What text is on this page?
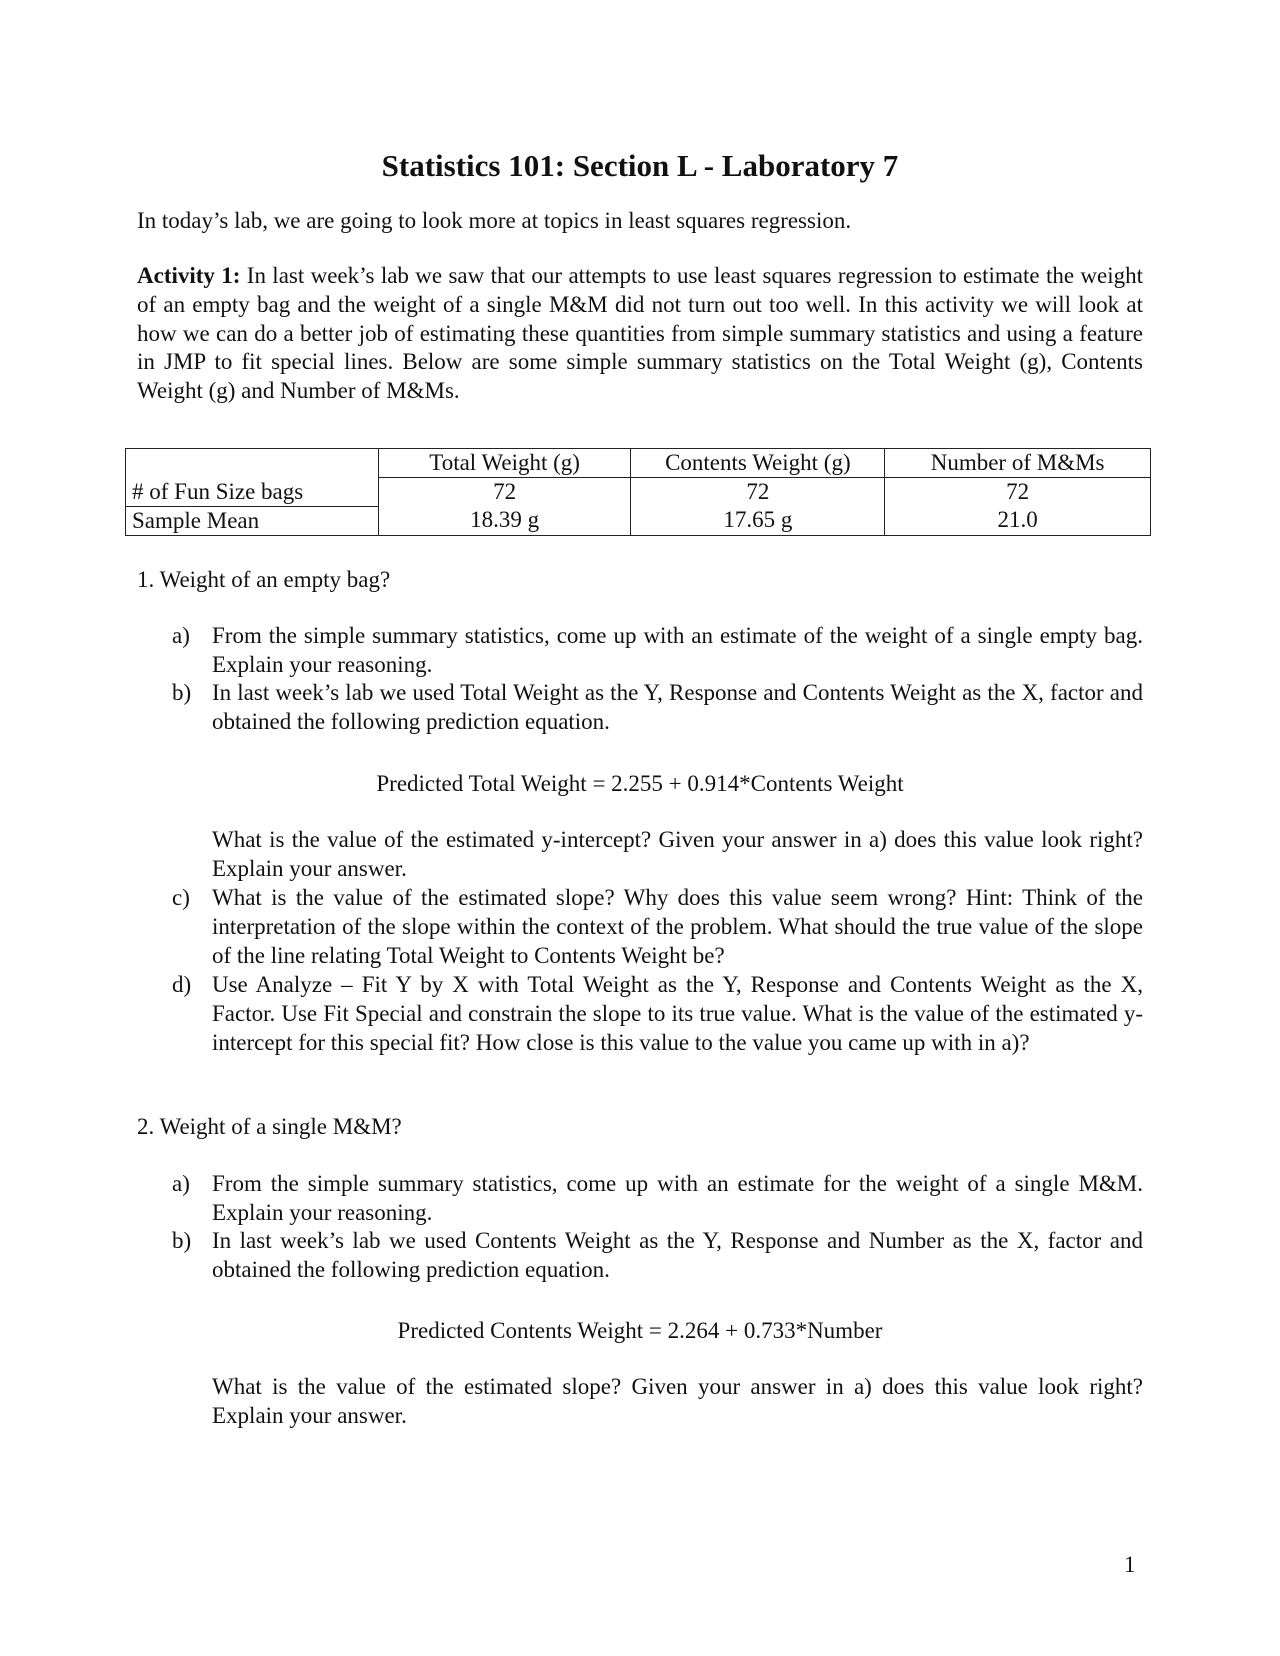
Statistics 101: Section L - Laboratory 7

In today’s lab, we are going to look more at topics in least squares regression.

Activity 1: In last week’s lab we saw that our attempts to use least squares regression to estimate the weight of an empty bag and the weight of a single M&M did not turn out too well. In this activity we will look at how we can do a better job of estimating these quantities from simple summary statistics and using a feature in JMP to fit special lines. Below are some simple summary statistics on the Total Weight (g), Contents Weight (g) and Number of M&Ms.

	Total Weight (g)	Contents Weight (g)	Number of M&Ms
# of Fun Size bags	72	72	72
Sample Mean	18.39 g	17.65 g	21.0

1. Weight of an empty bag?

a) From the simple summary statistics, come up with an estimate of the weight of a single empty bag. Explain your reasoning.
b) In last week’s lab we used Total Weight as the Y, Response and Contents Weight as the X, factor and obtained the following prediction equation.

Predicted Total Weight = 2.255 + 0.914*Contents Weight

What is the value of the estimated y-intercept? Given your answer in a) does this value look right? Explain your answer.

c) What is the value of the estimated slope? Why does this value seem wrong? Hint: Think of the interpretation of the slope within the context of the problem. What should the true value of the slope of the line relating Total Weight to Contents Weight be?
d) Use Analyze – Fit Y by X with Total Weight as the Y, Response and Contents Weight as the X, Factor. Use Fit Special and constrain the slope to its true value. What is the value of the estimated y-intercept for this special fit? How close is this value to the value you came up with in a)?

2. Weight of a single M&M?

a) From the simple summary statistics, come up with an estimate for the weight of a single M&M. Explain your reasoning.
b) In last week’s lab we used Contents Weight as the Y, Response and Number as the X, factor and obtained the following prediction equation.

Predicted Contents Weight = 2.264 + 0.733*Number

What is the value of the estimated slope? Given your answer in a) does this value look right? Explain your answer.

1
